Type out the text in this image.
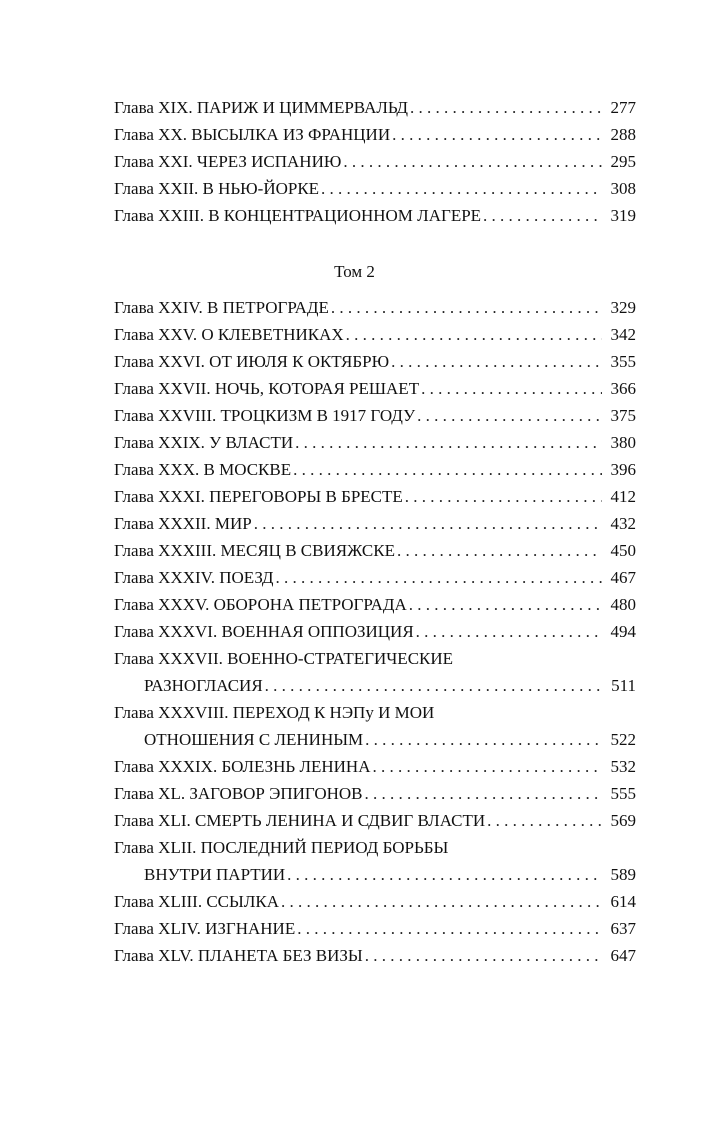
Глава XIX. ПАРИЖ И ЦИММЕРВАЛЬД . . .	277
Глава XX. ВЫСЫЛКА ИЗ ФРАНЦИИ . . .	288
Глава XXI. ЧЕРЕЗ ИСПАНИЮ . . .	295
Глава XXII. В НЬЮ-ЙОРКЕ . . .	308
Глава XXIII. В КОНЦЕНТРАЦИОННОМ ЛАГЕРЕ . . .	319
Том 2
Глава XXIV. В ПЕТРОГРАДЕ . . .	329
Глава XXV. О КЛЕВЕТНИКАХ . . .	342
Глава XXVI. ОТ ИЮЛЯ К ОКТЯБРЮ . . .	355
Глава XXVII. НОЧЬ, КОТОРАЯ РЕШАЕТ . . .	366
Глава XXVIII. ТРОЦКИЗМ В 1917 ГОДУ . . .	375
Глава XXIX. У ВЛАСТИ . . .	380
Глава XXX. В МОСКВЕ . . .	396
Глава XXXI. ПЕРЕГОВОРЫ В БРЕСТЕ . . .	412
Глава XXXII. МИР . . .	432
Глава XXXIII. МЕСЯЦ В СВИЯЖСКЕ . . .	450
Глава XXXIV. ПОЕЗД . . .	467
Глава XXXV. ОБОРОНА ПЕТРОГРАДА . . .	480
Глава XXXVI. ВОЕННАЯ ОППОЗИЦИЯ . . .	494
Глава XXXVII. ВОЕННО-СТРАТЕГИЧЕСКИЕ
РАЗНОГЛАСИЯ . . .	511
Глава XXXVIII. ПЕРЕХОД К НЭПу И МОИ
ОТНОШЕНИЯ С ЛЕНИНЫМ . . .	522
Глава XXXIX. БОЛЕЗНЬ ЛЕНИНА . . .	532
Глава XL. ЗАГОВОР ЭПИГОНОВ . . .	555
Глава XLI. СМЕРТЬ ЛЕНИНА И СДВИГ ВЛАСТИ . . .	569
Глава XLII. ПОСЛЕДНИЙ ПЕРИОД БОРЬБЫ
ВНУТРИ ПАРТИИ . . .	589
Глава XLIII. ССЫЛКА . . .	614
Глава XLIV. ИЗГНАНИЕ . . .	637
Глава XLV. ПЛАНЕТА БЕЗ ВИЗЫ . . .	647
